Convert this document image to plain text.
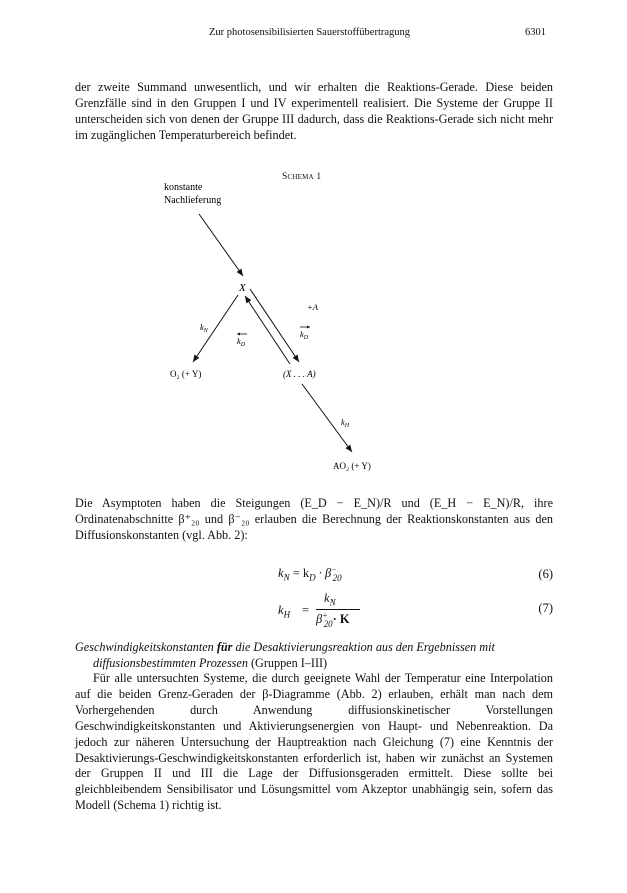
Zur photosensibilisierten Sauerstoffübertragung	6301
der zweite Summand unwesentlich, und wir erhalten die Reaktions-Gerade. Diese beiden Grenzfälle sind in den Gruppen I und IV experimentell realisiert. Die Systeme der Gruppe II unterscheiden sich von denen der Gruppe III dadurch, dass die Reaktions-Gerade sich nicht mehr im zugänglichen Temperaturbereich befindet.
Schema 1
konstante
Nachlieferung
X
+A
$k_N$
$k_D$
$k_D$
O₂ (+ Y)	(X . . . A)
$k_H$
AO₂ (+ Y)
Die Asymptoten haben die Steigungen (E_D − E_N)/R und (E_H − E_N)/R, ihre Ordinatenabschnitte β⁺₂₀ und β⁻₂₀ erlauben die Berechnung der Reaktionskonstanten aus den Diffusionskonstanten (vgl. Abb. 2):
$k_N = k_D \cdot \beta^-_{20}$	(6)
$k_H$ =
$k_N$
$\beta^+_{20}\cdot K$
(7)
Geschwindigkeitskonstanten für die Desaktivierungsreaktion aus den Ergebnissen mit
diffusionsbestimmten Prozessen (Gruppen I–III)
Für alle untersuchten Systeme, die durch geeignete Wahl der Temperatur eine Interpolation auf die beiden Grenz-Geraden der β-Diagramme (Abb. 2) erlauben, erhält man nach dem Vorhergehenden durch Anwendung diffusionskinetischer Vorstellungen Geschwindigkeitskonstanten und Aktivierungsenergien von Haupt- und Nebenreaktion. Da jedoch zur näheren Untersuchung der Hauptreaktion nach Gleichung (7) eine Kenntnis der Desaktivierungs-Geschwindigkeitskonstanten erforderlich ist, haben wir zunächst an Systemen der Gruppen II und III die Lage der Diffusionsgeraden ermittelt. Diese sollte bei gleichbleibendem Sensibilisator und Lösungsmittel vom Akzeptor unabhängig sein, sofern das Modell (Schema 1) richtig ist.
